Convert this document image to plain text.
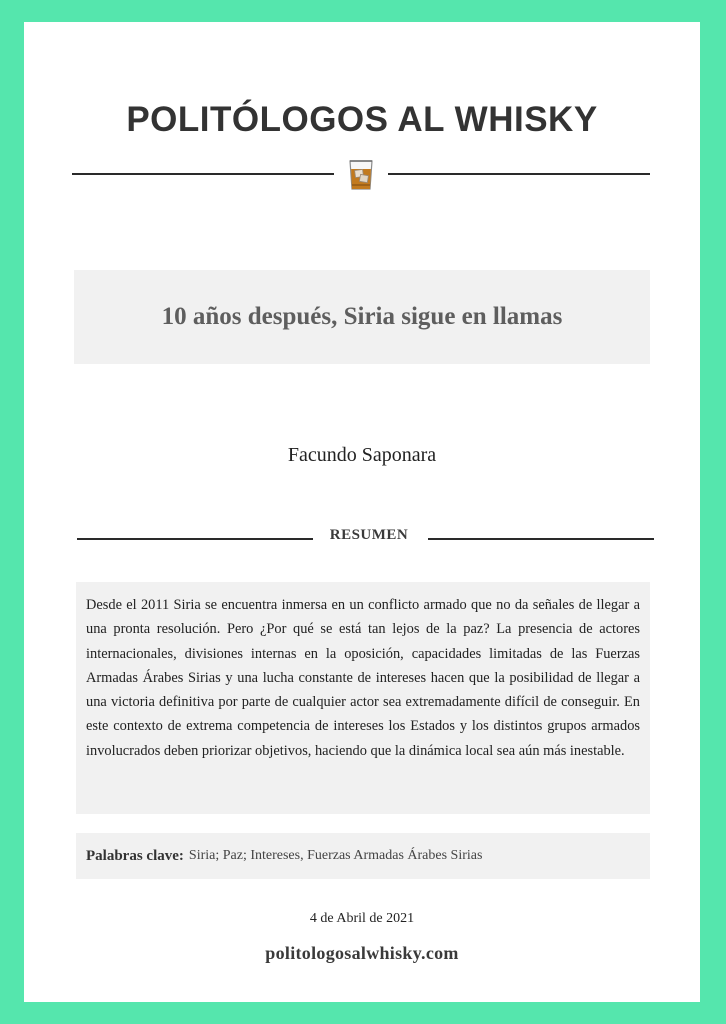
POLITÓLOGOS AL WHISKY
10 años después, Siria sigue en llamas
Facundo Saponara
RESUMEN

Desde el 2011 Siria se encuentra inmersa en un conflicto armado que no da señales de llegar a una pronta resolución. Pero ¿Por qué se está tan lejos de la paz? La presencia de actores internacionales, divisiones internas en la oposición, capacidades limitadas de las Fuerzas Armadas Árabes Sirias y una lucha constante de intereses hacen que la posibilidad de llegar a una victoria definitiva por parte de cualquier actor sea extremadamente difícil de conseguir. En este contexto de extrema competencia de intereses los Estados y los distintos grupos armados involucrados deben priorizar objetivos, haciendo que la dinámica local sea aún más inestable.

Palabras clave: Siria; Paz; Intereses, Fuerzas Armadas Árabes Sirias
4 de Abril de 2021
politologosalwhisky.com
